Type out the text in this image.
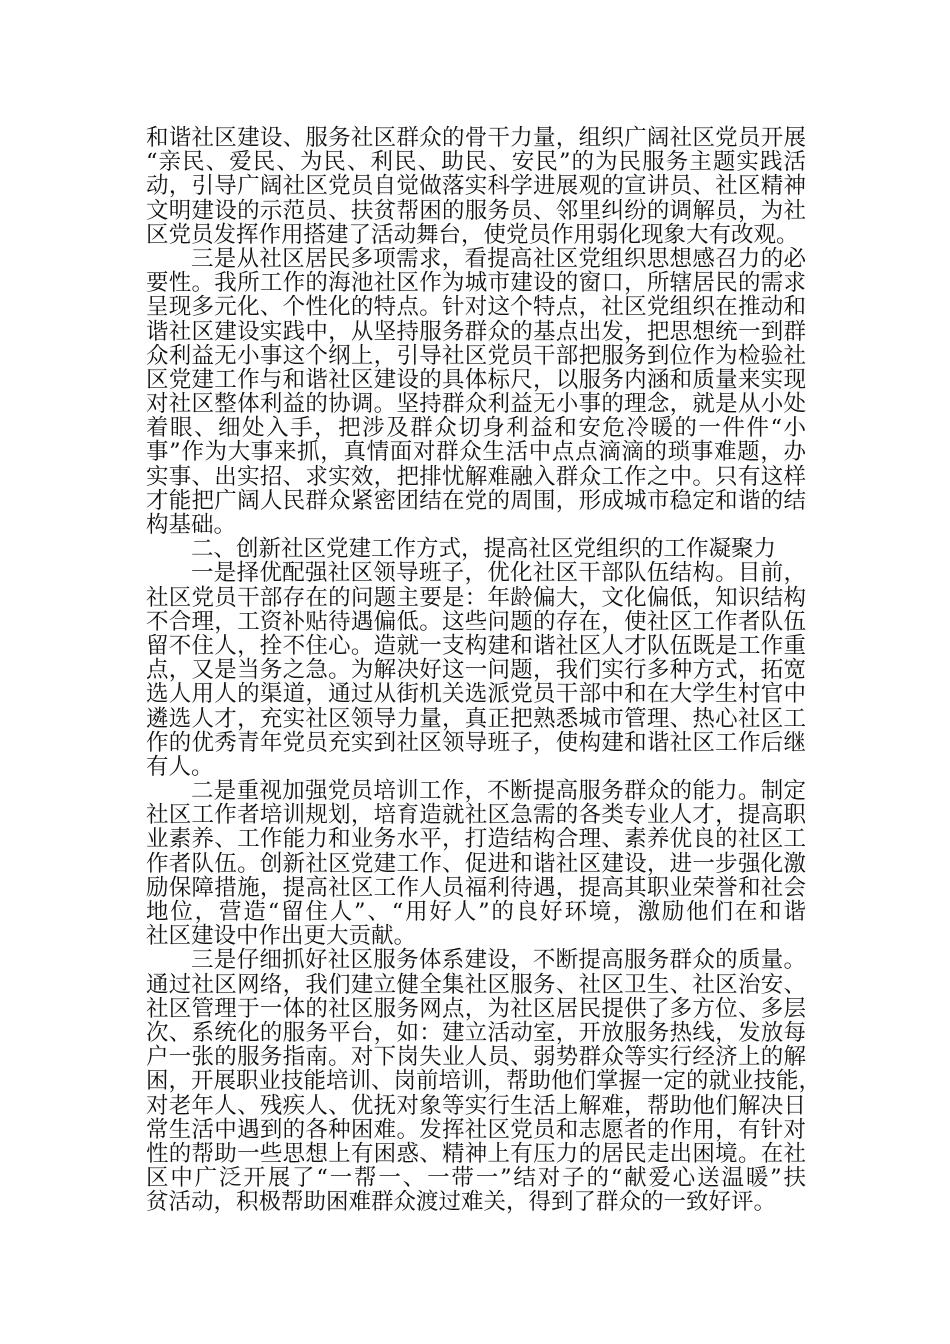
和谐社区建设、服务社区群众的骨干力量，组织广阔社区党员开展
“亲民、爱民、为民、利民、助民、安民”的为民服务主题实践活
动，引导广阔社区党员自觉做落实科学进展观的宣讲员、社区精神
文明建设的示范员、扶贫帮困的服务员、邻里纠纷的调解员，为社
区党员发挥作用搭建了活动舞台，使党员作用弱化现象大有改观。
三是从社区居民多项需求，看提高社区党组织思想感召力的必
要性。我所工作的海池社区作为城市建设的窗口，所辖居民的需求
呈现多元化、个性化的特点。针对这个特点，社区党组织在推动和
谐社区建设实践中，从坚持服务群众的基点出发，把思想统一到群
众利益无小事这个纲上，引导社区党员干部把服务到位作为检验社
区党建工作与和谐社区建设的具体标尺，以服务内涵和质量来实现
对社区整体利益的协调。坚持群众利益无小事的理念，就是从小处
着眼、细处入手，把涉及群众切身利益和安危冷暖的一件件“小
事”作为大事来抓，真情面对群众生活中点点滴滴的琐事难题，办
实事、出实招、求实效，把排忧解难融入群众工作之中。只有这样
才能把广阔人民群众紧密团结在党的周围，形成城市稳定和谐的结
构基础。
二、创新社区党建工作方式，提高社区党组织的工作凝聚力
一是择优配强社区领导班子，优化社区干部队伍结构。目前，
社区党员干部存在的问题主要是：年龄偏大，文化偏低，知识结构
不合理，工资补贴待遇偏低。这些问题的存在，使社区工作者队伍
留不住人，拴不住心。造就一支构建和谐社区人才队伍既是工作重
点，又是当务之急。为解决好这一问题，我们实行多种方式，拓宽
选人用人的渠道，通过从街机关选派党员干部中和在大学生村官中
遴选人才，充实社区领导力量，真正把熟悉城市管理、热心社区工
作的优秀青年党员充实到社区领导班子，使构建和谐社区工作后继
有人。
二是重视加强党员培训工作，不断提高服务群众的能力。制定
社区工作者培训规划，培育造就社区急需的各类专业人才，提高职
业素养、工作能力和业务水平，打造结构合理、素养优良的社区工
作者队伍。创新社区党建工作、促进和谐社区建设，进一步强化激
励保障措施，提高社区工作人员福利待遇，提高其职业荣誉和社会
地位，营造“留住人”、“用好人”的良好环境，激励他们在和谐
社区建设中作出更大贡献。
三是仔细抓好社区服务体系建设，不断提高服务群众的质量。
通过社区网络，我们建立健全集社区服务、社区卫生、社区治安、
社区管理于一体的社区服务网点，为社区居民提供了多方位、多层
次、系统化的服务平台，如：建立活动室，开放服务热线，发放每
户一张的服务指南。对下岗失业人员、弱势群众等实行经济上的解
困，开展职业技能培训、岗前培训，帮助他们掌握一定的就业技能，
对老年人、残疾人、优抚对象等实行生活上解难，帮助他们解决日
常生活中遇到的各种困难。发挥社区党员和志愿者的作用，有针对
性的帮助一些思想上有困惑、精神上有压力的居民走出困境。在社
区中广泛开展了“一帮一、一带一”结对子的“献爱心送温暖”扶
贫活动，积极帮助困难群众渡过难关，得到了群众的一致好评。
